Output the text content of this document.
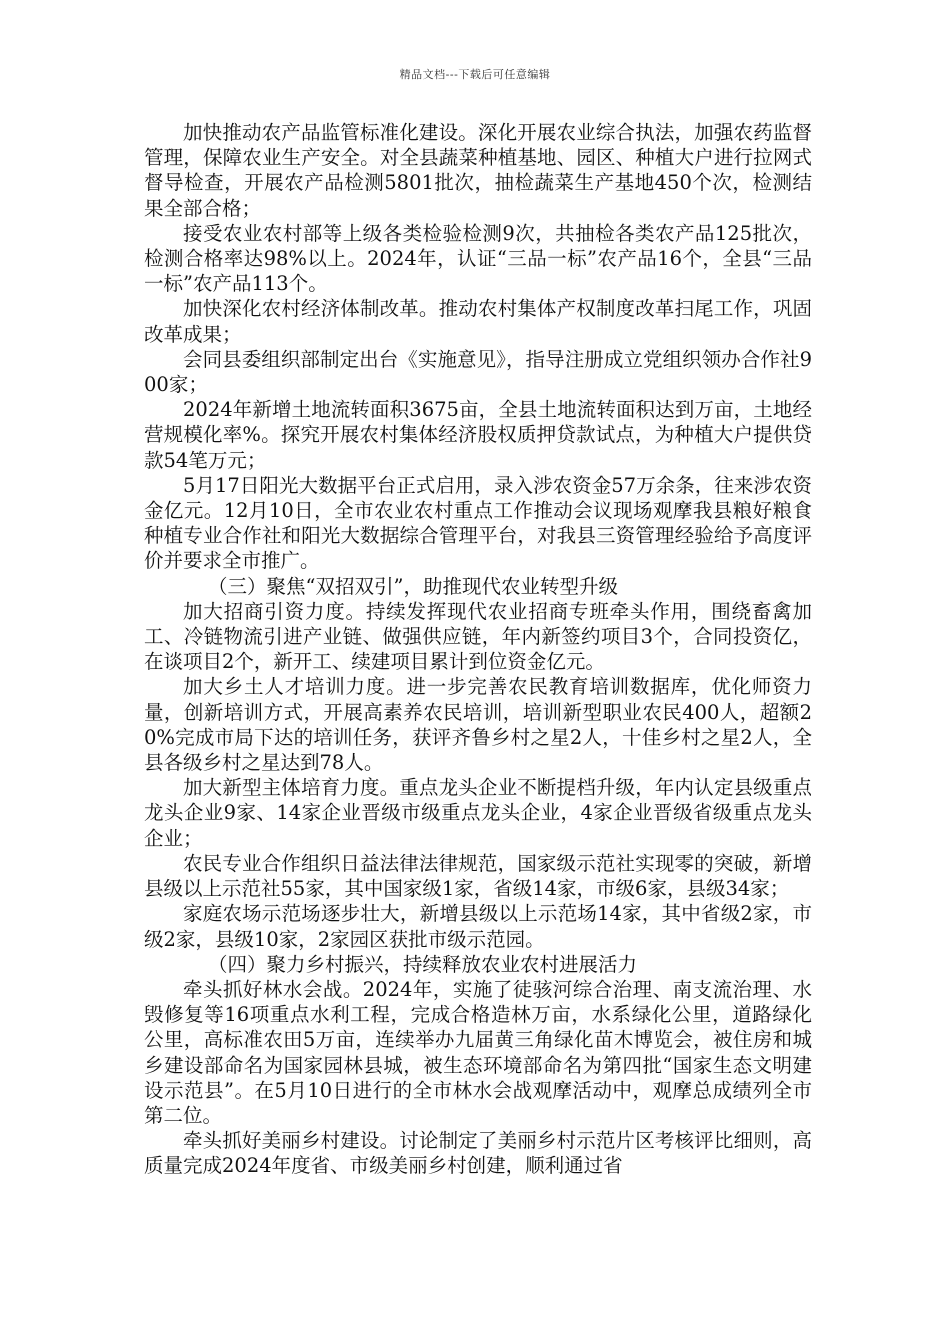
精品文档---下载后可任意编辑

加快推动农产品监管标准化建设。深化开展农业综合执法，加强农药监督管理，保障农业生产安全。对全县蔬菜种植基地、园区、种植大户进行拉网式督导检查，开展农产品检测5801批次，抽检蔬菜生产基地450个次，检测结果全部合格；

接受农业农村部等上级各类检验检测9次，共抽检各类农产品125批次，检测合格率达98%以上。2024年，认证“三品一标”农产品16个，全县“三品一标”农产品113个。

加快深化农村经济体制改革。推动农村集体产权制度改革扫尾工作，巩固改革成果；

会同县委组织部制定出台《实施意见》，指导注册成立党组织领办合作社900家；

2024年新增土地流转面积3675亩，全县土地流转面积达到万亩，土地经营规模化率%。探究开展农村集体经济股权质押贷款试点，为种植大户提供贷款54笔万元；

5月17日阳光大数据平台正式启用，录入涉农资金57万余条，往来涉农资金亿元。12月10日，全市农业农村重点工作推动会议现场观摩我县粮好粮食种植专业合作社和阳光大数据综合管理平台，对我县三资管理经验给予高度评价并要求全市推广。

（三）聚焦“双招双引”，助推现代农业转型升级

加大招商引资力度。持续发挥现代农业招商专班牵头作用，围绕畜禽加工、冷链物流引进产业链、做强供应链，年内新签约项目3个，合同投资亿，在谈项目2个，新开工、续建项目累计到位资金亿元。

加大乡土人才培训力度。进一步完善农民教育培训数据库，优化师资力量，创新培训方式，开展高素养农民培训，培训新型职业农民400人，超额20%完成市局下达的培训任务，获评齐鲁乡村之星2人，十佳乡村之星2人，全县各级乡村之星达到78人。

加大新型主体培育力度。重点龙头企业不断提档升级，年内认定县级重点龙头企业9家、14家企业晋级市级重点龙头企业，4家企业晋级省级重点龙头企业；

农民专业合作组织日益法律法律规范，国家级示范社实现零的突破，新增县级以上示范社55家，其中国家级1家，省级14家，市级6家，县级34家；

家庭农场示范场逐步壮大，新增县级以上示范场14家，其中省级2家，市级2家，县级10家，2家园区获批市级示范园。

（四）聚力乡村振兴，持续释放农业农村进展活力

牵头抓好林水会战。2024年，实施了徒骇河综合治理、南支流治理、水毁修复等16项重点水利工程，完成合格造林万亩，水系绿化公里，道路绿化公里，高标准农田5万亩，连续举办九届黄三角绿化苗木博览会，被住房和城乡建设部命名为国家园林县城，被生态环境部命名为第四批“国家生态文明建设示范县”。在5月10日进行的全市林水会战观摩活动中，观摩总成绩列全市第二位。

牵头抓好美丽乡村建设。讨论制定了美丽乡村示范片区考核评比细则，高质量完成2024年度省、市级美丽乡村创建，顺利通过省
